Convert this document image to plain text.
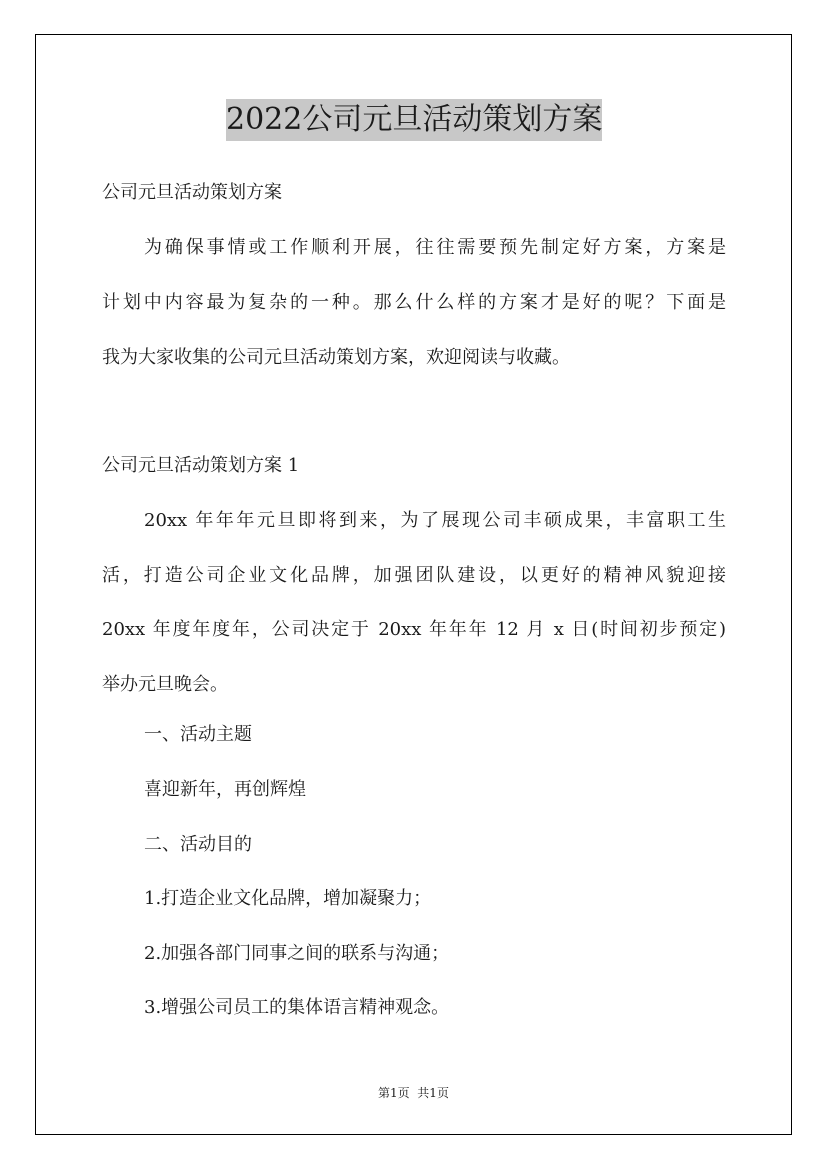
2022公司元旦活动策划方案
公司元旦活动策划方案
为确保事情或工作顺利开展，往往需要预先制定好方案，方案是
计划中内容最为复杂的一种。那么什么样的方案才是好的呢？下面是
我为大家收集的公司元旦活动策划方案，欢迎阅读与收藏。
公司元旦活动策划方案 1
20xx 年年年元旦即将到来，为了展现公司丰硕成果，丰富职工生
活，打造公司企业文化品牌，加强团队建设，以更好的精神风貌迎接
20xx 年度年度年，公司决定于 20xx 年年年 12 月 x 日(时间初步预定)
举办元旦晚会。
一、活动主题
喜迎新年，再创辉煌
二、活动目的
1.打造企业文化品牌，增加凝聚力；
2.加强各部门同事之间的联系与沟通；
3.增强公司员工的集体语言精神观念。
第1页  共1页
